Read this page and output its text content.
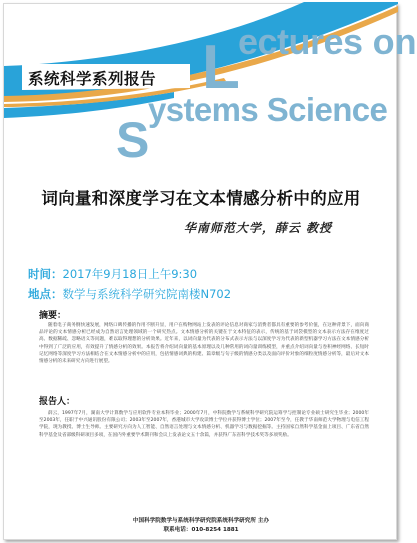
系统科学系列报告 L
ectures on
S
ystems Science
词向量和深度学习在文本情感分析中的应用
华南师范大学，薛云 教授
时间：2017年9月18日上午9:30
地点：数学与系统科学研究院南楼N702
摘要：
随着电子商务倒快速发展，网络口碑传播的作用不断升显，用户在购物网站上发表的评论信息对商家与消费者都具有重要的参考价值，在这种背景下，面向商品评论的文本情感分析已经成为自然语言处理领域的一个研究热点。文本情感分析的关键在于文本特征的表示，传统的基于词袋模型的文本表示方法存在维度过高、数据稀疏、忽略语义等问题，难以取得理想的分析效果。近年来，以词向量为代表的分布式表示方法与以深度学习为代表的新型机器学习方法在文本情感分析中得到了广泛的应用，有效提升了情感分析的效果。本报告将介绍词向量的基本原理以及几种常用的词向量训练模型，并重点介绍词向量与卷积神经网络、长短时记忆网络等深度学习方法相结合在文本情感分析中的应用，包括情感词典的构建、篇章级与句子级的情感分类以及面向评价对象的细粒度情感分析等，最后对文本情感分析的未来研究方向进行展望。
报告人：
薛云，1997年7月，湖南大学计算数学与应用软件专业本科毕业；2000年7月，中科院数学与系统科学研究院运筹学与控制论专业硕士研究生毕业；2000年至2003年，任职于中兴通讯股份有限公司；2003年至2007年，香港城市大学攻读博士学位并获得博士学位；2007年至今，任教于华南师范大学物理与电信工程学院，现为教授、博士生导师。主要研究方向为人工智能、自然语言处理与文本情感分析、机器学习与数据挖掘等。主持国家自然科学基金面上项目、广东省自然科学基金及省部级科研项目多项，在国内外重要学术期刊和会议上发表论文五十余篇，并获得广东省科学技术奖等多项奖励。
中国科学院数学与系统科学研究院系统科学研究所 主办
联系电话：010-8254 1881
